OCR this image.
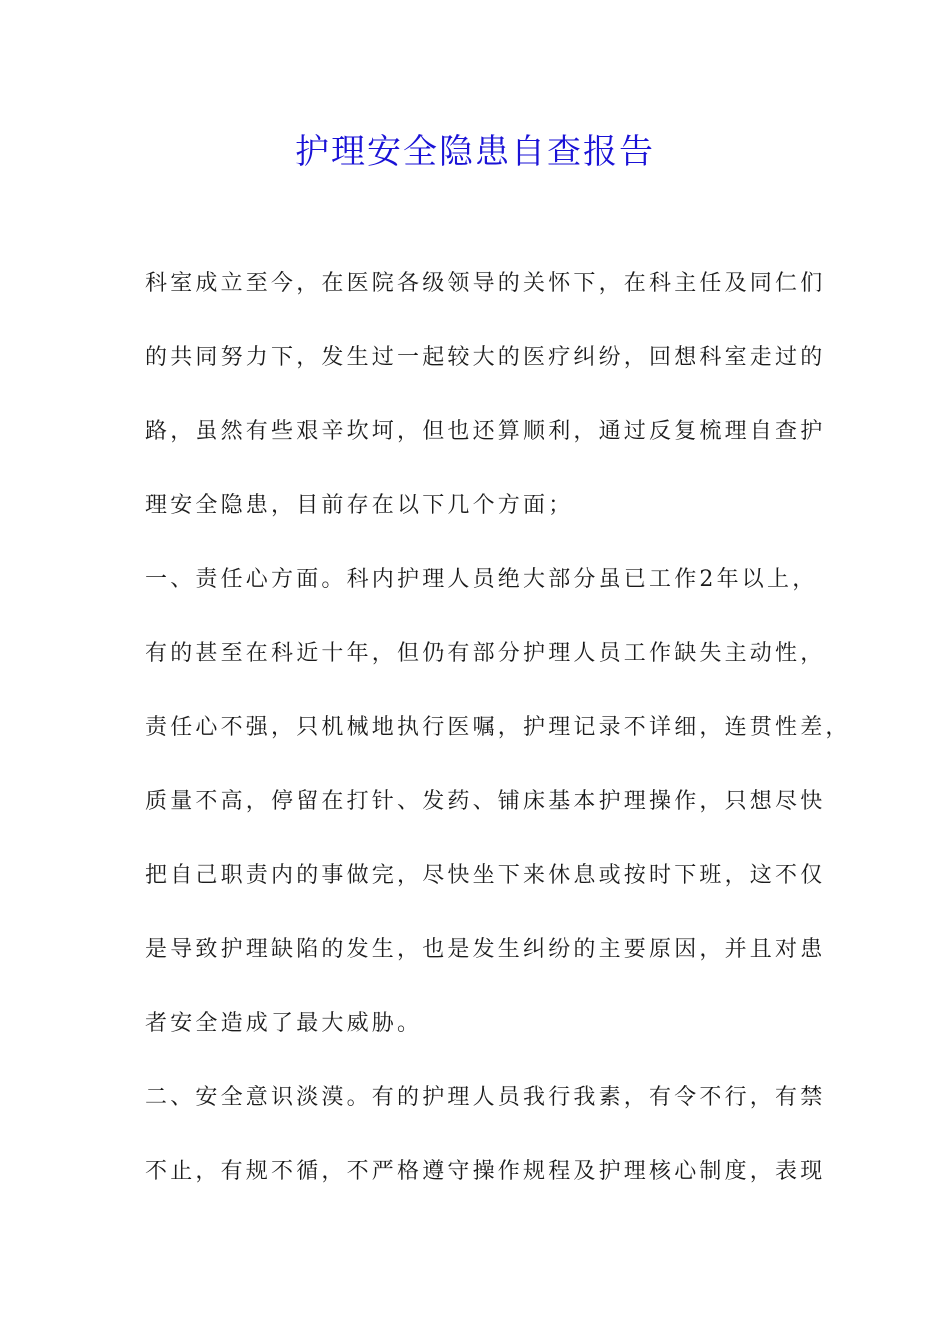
护理安全隐患自查报告
科室成立至今，在医院各级领导的关怀下，在科主任及同仁们
的共同努力下，发生过一起较大的医疗纠纷，回想科室走过的
路，虽然有些艰辛坎坷，但也还算顺利，通过反复梳理自查护
理安全隐患，目前存在以下几个方面；
一、责任心方面。科内护理人员绝大部分虽已工作2年以上，
有的甚至在科近十年，但仍有部分护理人员工作缺失主动性，
责任心不强，只机械地执行医嘱，护理记录不详细，连贯性差，
质量不高，停留在打针、发药、铺床基本护理操作，只想尽快
把自己职责内的事做完，尽快坐下来休息或按时下班，这不仅
是导致护理缺陷的发生，也是发生纠纷的主要原因，并且对患
者安全造成了最大威胁。
二、安全意识淡漠。有的护理人员我行我素，有令不行，有禁
不止，有规不循，不严格遵守操作规程及护理核心制度，表现
